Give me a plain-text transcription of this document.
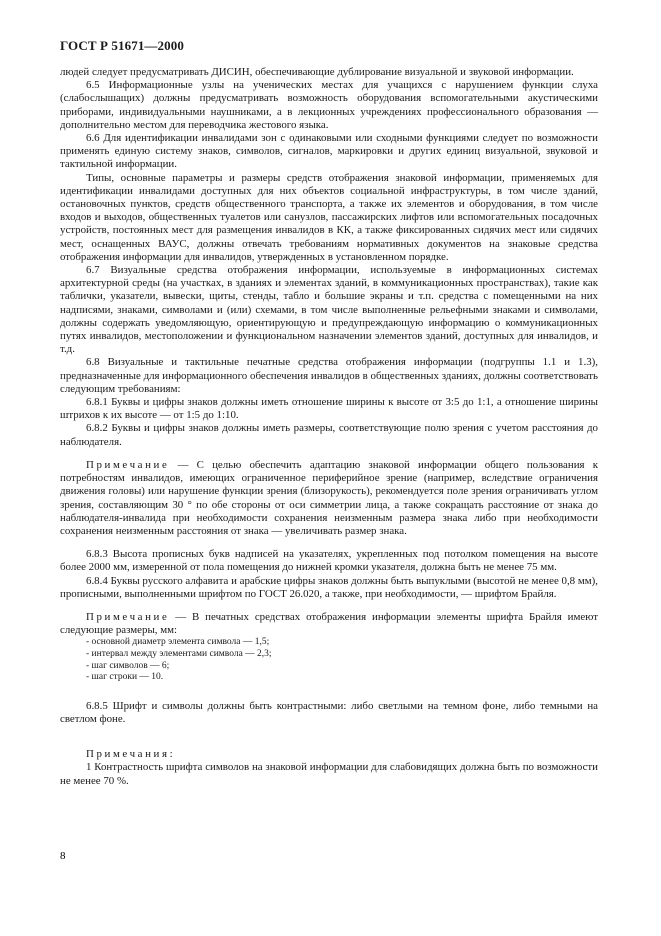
ГОСТ Р 51671—2000

людей следует предусматривать ДИСИН, обеспечивающие дублирование визуальной и звуковой информации.

6.5 Информационные узлы на ученических местах для учащихся с нарушением функции слуха (слабослышащих) должны предусматривать возможность оборудования вспомогательными акустическими приборами, индивидуальными наушниками, а в лекционных учреждениях профессионального образования — дополнительно местом для переводчика жестового языка.

6.6 Для идентификации инвалидами зон с одинаковыми или сходными функциями следует по возможности применять единую систему знаков, символов, сигналов, маркировки и других единиц визуальной, звуковой и тактильной информации.

Типы, основные параметры и размеры средств отображения знаковой информации, применяемых для идентификации инвалидами доступных для них объектов социальной инфраструктуры, в том числе зданий, остановочных пунктов, средств общественного транспорта, а также их элементов и оборудования, в том числе входов и выходов, общественных туалетов или санузлов, пассажирских лифтов или вспомогательных посадочных устройств, постоянных мест для размещения инвалидов в КК, а также фиксированных сидячих мест или сидячих мест, оснащенных ВАУС, должны отвечать требованиям нормативных документов на знаковые средства отображения информации для инвалидов, утвержденных в установленном порядке.

6.7 Визуальные средства отображения информации, используемые в информационных системах архитектурной среды (на участках, в зданиях и элементах зданий, в коммуникационных пространствах), такие как таблички, указатели, вывески, щиты, стенды, табло и большие экраны и т.п. средства с помещенными на них надписями, знаками, символами и (или) схемами, в том числе выполненные рельефными знаками и символами, должны содержать уведомляющую, ориентирующую и предупреждающую информацию о коммуникационных путях инвалидов, местоположении и функциональном назначении элементов зданий, доступных для инвалидов, и т.д.

6.8 Визуальные и тактильные печатные средства отображения информации (подгруппы 1.1 и 1.3), предназначенные для информационного обеспечения инвалидов в общественных зданиях, должны соответствовать следующим требованиям:

6.8.1 Буквы и цифры знаков должны иметь отношение ширины к высоте от 3:5 до 1:1, а отношение ширины штрихов к их высоте — от 1:5 до 1:10.

6.8.2 Буквы и цифры знаков должны иметь размеры, соответствующие полю зрения с учетом расстояния до наблюдателя.

Примечание — С целью обеспечить адаптацию знаковой информации общего пользования к потребностям инвалидов, имеющих ограниченное периферийное зрение (например, вследствие ограничения движения головы) или нарушение функции зрения (близорукость), рекомендуется поле зрения ограничивать углом зрения, составляющим 30 ° по обе стороны от оси симметрии лица, а также сокращать расстояние от знака до наблюдателя-инвалида при необходимости сохранения неизменным размера знака либо при необходимости сохранения неизменным расстояния от знака — увеличивать размер знака.

6.8.3 Высота прописных букв надписей на указателях, укрепленных под потолком помещения на высоте более 2000 мм, измеренной от пола помещения до нижней кромки указателя, должна быть не менее 75 мм.

6.8.4 Буквы русского алфавита и арабские цифры знаков должны быть выпуклыми (высотой не менее 0,8 мм), прописными, выполненными шрифтом по ГОСТ 26.020, а также, при необходимости, — шрифтом Брайля.

Примечание — В печатных средствах отображения информации элементы шрифта Брайля имеют следующие размеры, мм:

- основной диаметр элемента символа — 1,5;
- интервал между элементами символа — 2,3;
- шаг символов — 6;
- шаг строки — 10.

6.8.5 Шрифт и символы должны быть контрастными: либо светлыми на темном фоне, либо темными на светлом фоне.

Примечания:

1 Контрастность шрифта символов на знаковой информации для слабовидящих должна быть по возможности не менее 70 %.

8
